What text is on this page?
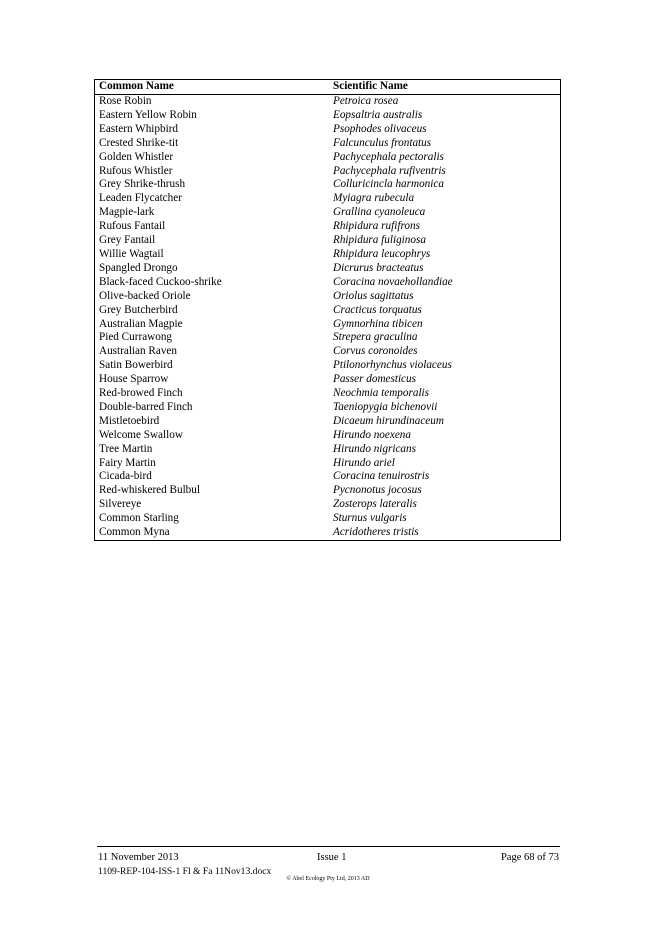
Common Name	Scientific Name
Rose Robin	Petroica rosea
Eastern Yellow Robin	Eopsaltria australis
Eastern Whipbird	Psophodes olivaceus
Crested Shrike-tit	Falcunculus frontatus
Golden Whistler	Pachycephala pectoralis
Rufous Whistler	Pachycephala rufiventris
Grey Shrike-thrush	Colluricincla harmonica
Leaden Flycatcher	Myiagra rubecula
Magpie-lark	Grallina cyanoleuca
Rufous Fantail	Rhipidura rufifrons
Grey Fantail	Rhipidura fuliginosa
Willie Wagtail	Rhipidura leucophrys
Spangled Drongo	Dicrurus bracteatus
Black-faced Cuckoo-shrike	Coracina novaehollandiae
Olive-backed Oriole	Oriolus sagittatus
Grey Butcherbird	Cracticus torquatus
Australian Magpie	Gymnorhina tibicen
Pied Currawong	Strepera graculina
Australian Raven	Corvus coronoides
Satin Bowerbird	Ptilonorhynchus violaceus
House Sparrow	Passer domesticus
Red-browed Finch	Neochmia temporalis
Double-barred Finch	Taeniopygia bichenovii
Mistletoebird	Dicaeum hirundinaceum
Welcome Swallow	Hirundo noexena
Tree Martin	Hirundo nigricans
Fairy Martin	Hirundo ariel
Cicada-bird	Coracina tenuirostris
Red-whiskered Bulbul	Pycnonotus jocosus
Silvereye	Zosterops lateralis
Common Starling	Sturnus vulgaris
Common Myna	Acridotheres tristis
11 November 2013	Issue 1	Page 68 of 73
1109-REP-104-ISS-1 Fl & Fa 11Nov13.docx
© Abel Ecology Pty Ltd, 2013 AD
